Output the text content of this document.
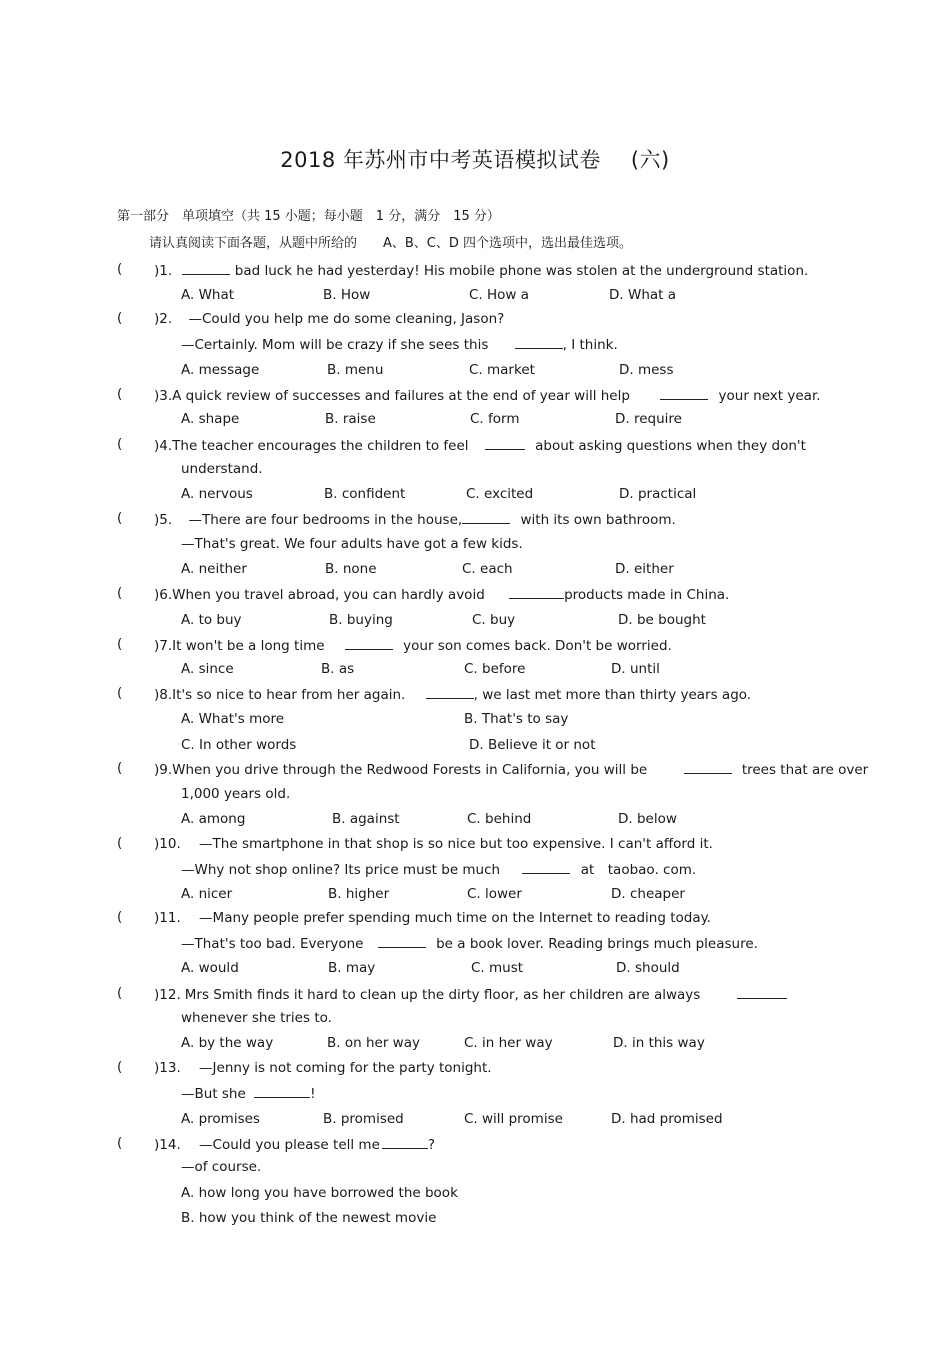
2018 年苏州市中考英语模拟试卷 (六)
第一部分　单项填空（共 15 小题；每小题　1 分，满分　15 分）
请认真阅读下面各题，从题中所给的　　A、B、C、D 四个选项中，选出最佳选项。
( )1.	bad luck he had yesterday! His mobile phone was stolen at the underground station.
A. What	B. How	C. How a	D. What a
( )2. —Could you help me do some cleaning, Jason?
—Certainly. Mom will be crazy if she sees this	, I think.
A. message	B. menu	C. market	D. mess
( )3.A quick review of successes and failures at the end of year will help	your next year.
A. shape	B. raise	C. form	D. require
( )4.The teacher encourages the children to feel	about asking questions when they don't
understand.
A. nervous	B. confident	C. excited	D. practical
( )5. —There are four bedrooms in the house,	with its own bathroom.
—That's great. We four adults have got a few kids.
A. neither	B. none	C. each	D. either
( )6.When you travel abroad, you can hardly avoid	products made in China.
A. to buy	B. buying	C. buy	D. be bought
( )7.It won't be a long time	your son comes back. Don't be worried.
A. since	B. as	C. before	D. until
( )8.It's so nice to hear from her again.	, we last met more than thirty years ago.
A. What's more	B. That's to say
C. In other words	D. Believe it or not
( )9.When you drive through the Redwood Forests in California, you will be	trees that are over
1,000 years old.
A. among	B. against	C. behind	D. below
( )10. —The smartphone in that shop is so nice but too expensive. I can't afford it.
—Why not shop online? Its price must be much	at　taobao. com.
A. nicer	B. higher	C. lower	D. cheaper
( )11. —Many people prefer spending much time on the Internet to reading today.
—That's too bad. Everyone	be a book lover. Reading brings much pleasure.
A. would	B. may	C. must	D. should
( )12. Mrs Smith finds it hard to clean up the dirty floor, as her children are always
whenever she tries to.
A. by the way	B. on her way	C. in her way	D. in this way
( )13. —Jenny is not coming for the party tonight.
—But she	!
A. promises	B. promised	C. will promise	D. had promised
( )14. —Could you please tell me	?
—of course.
A. how long you have borrowed the book
B. how you think of the newest movie
